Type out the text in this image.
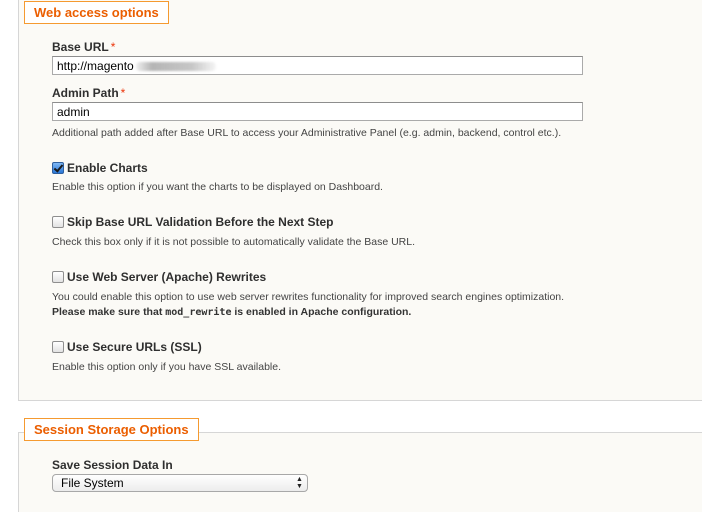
Web access options
Base URL *
http://magento
Admin Path *
admin
Additional path added after Base URL to access your Administrative Panel (e.g. admin, backend, control etc.).
Enable Charts
Enable this option if you want the charts to be displayed on Dashboard.
Skip Base URL Validation Before the Next Step
Check this box only if it is not possible to automatically validate the Base URL.
Use Web Server (Apache) Rewrites
You could enable this option to use web server rewrites functionality for improved search engines optimization.
Please make sure that mod_rewrite is enabled in Apache configuration.
Use Secure URLs (SSL)
Enable this option only if you have SSL available.
Session Storage Options
Save Session Data In
File System	▲
▼
